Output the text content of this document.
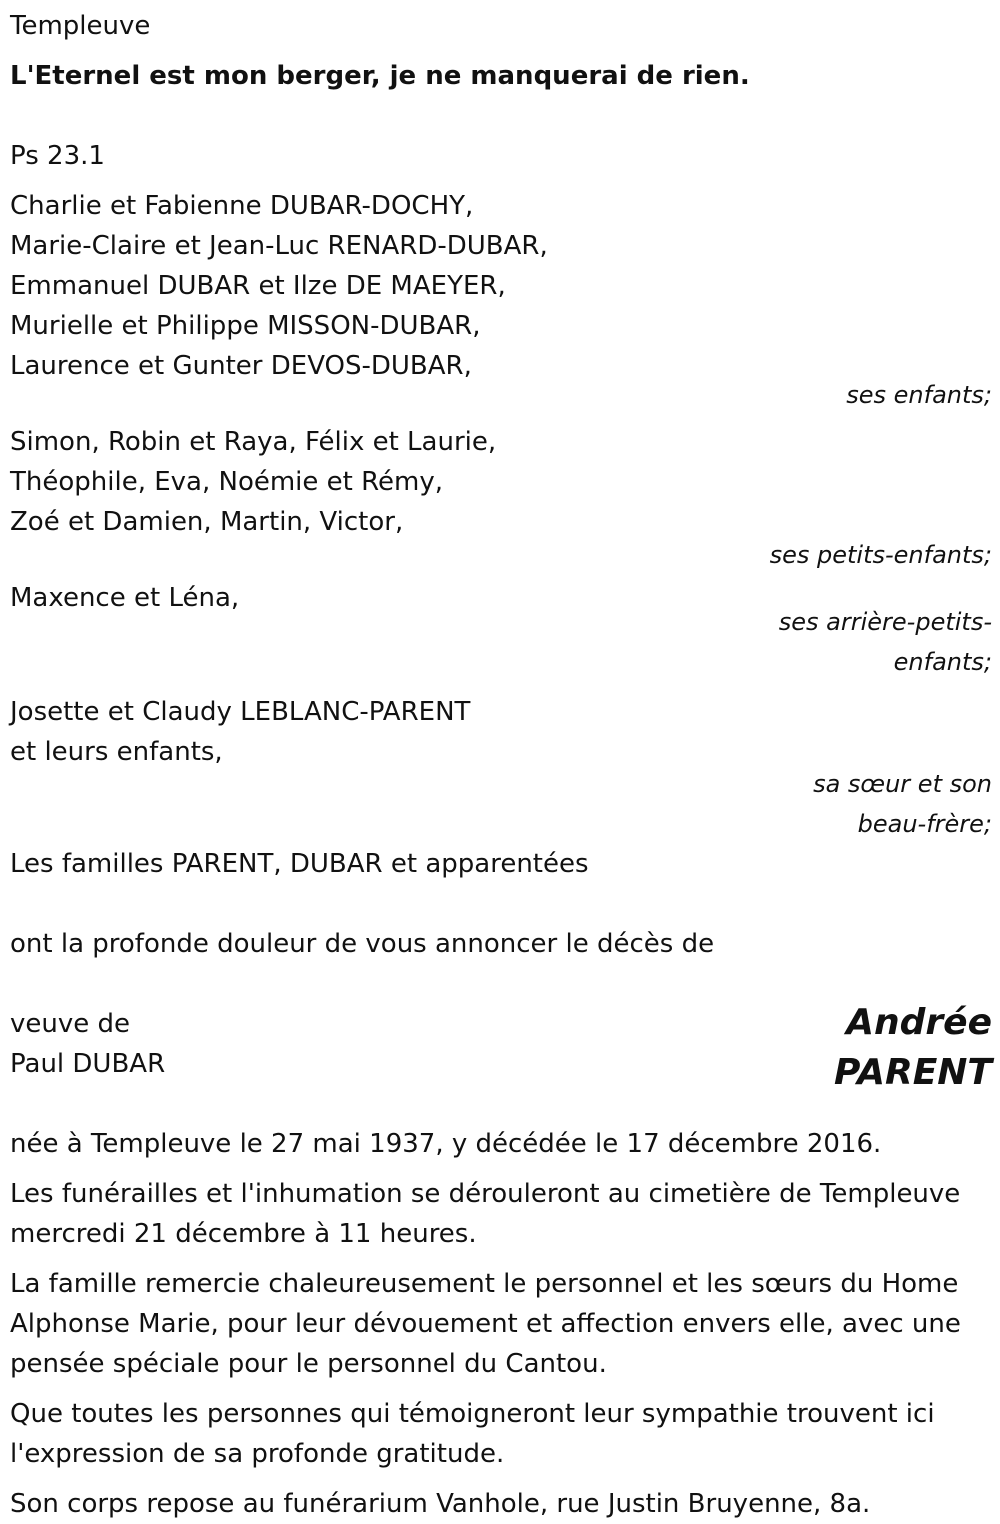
Templeuve
L'Eternel est mon berger, je ne manquerai de rien.
Ps 23.1
Charlie et Fabienne DUBAR-DOCHY,
Marie-Claire et Jean-Luc RENARD-DUBAR,
Emmanuel DUBAR et Ilze DE MAEYER,
Murielle et Philippe MISSON-DUBAR,
Laurence et Gunter DEVOS-DUBAR,
ses enfants;
Simon, Robin et Raya, Félix et Laurie,
Théophile, Eva, Noémie et Rémy,
Zoé et Damien, Martin, Victor,
ses petits-enfants;
Maxence et Léna,
ses arrière-petits-
enfants;
Josette et Claudy LEBLANC-PARENT
et leurs enfants,
sa sœur et son
beau-frère;
Les familles PARENT, DUBAR et apparentées
ont la profonde douleur de vous annoncer le décès de
veuve de
Paul DUBAR
Andrée
PARENT
née à Templeuve le 27 mai 1937, y décédée le 17 décembre 2016.
Les funérailles et l'inhumation se dérouleront au cimetière de Templeuve
mercredi 21 décembre à 11 heures.
La famille remercie chaleureusement le personnel et les sœurs du Home
Alphonse Marie, pour leur dévouement et affection envers elle, avec une
pensée spéciale pour le personnel du Cantou.
Que toutes les personnes qui témoigneront leur sympathie trouvent ici
l'expression de sa profonde gratitude.
Son corps repose au funérarium Vanhole, rue Justin Bruyenne, 8a.
